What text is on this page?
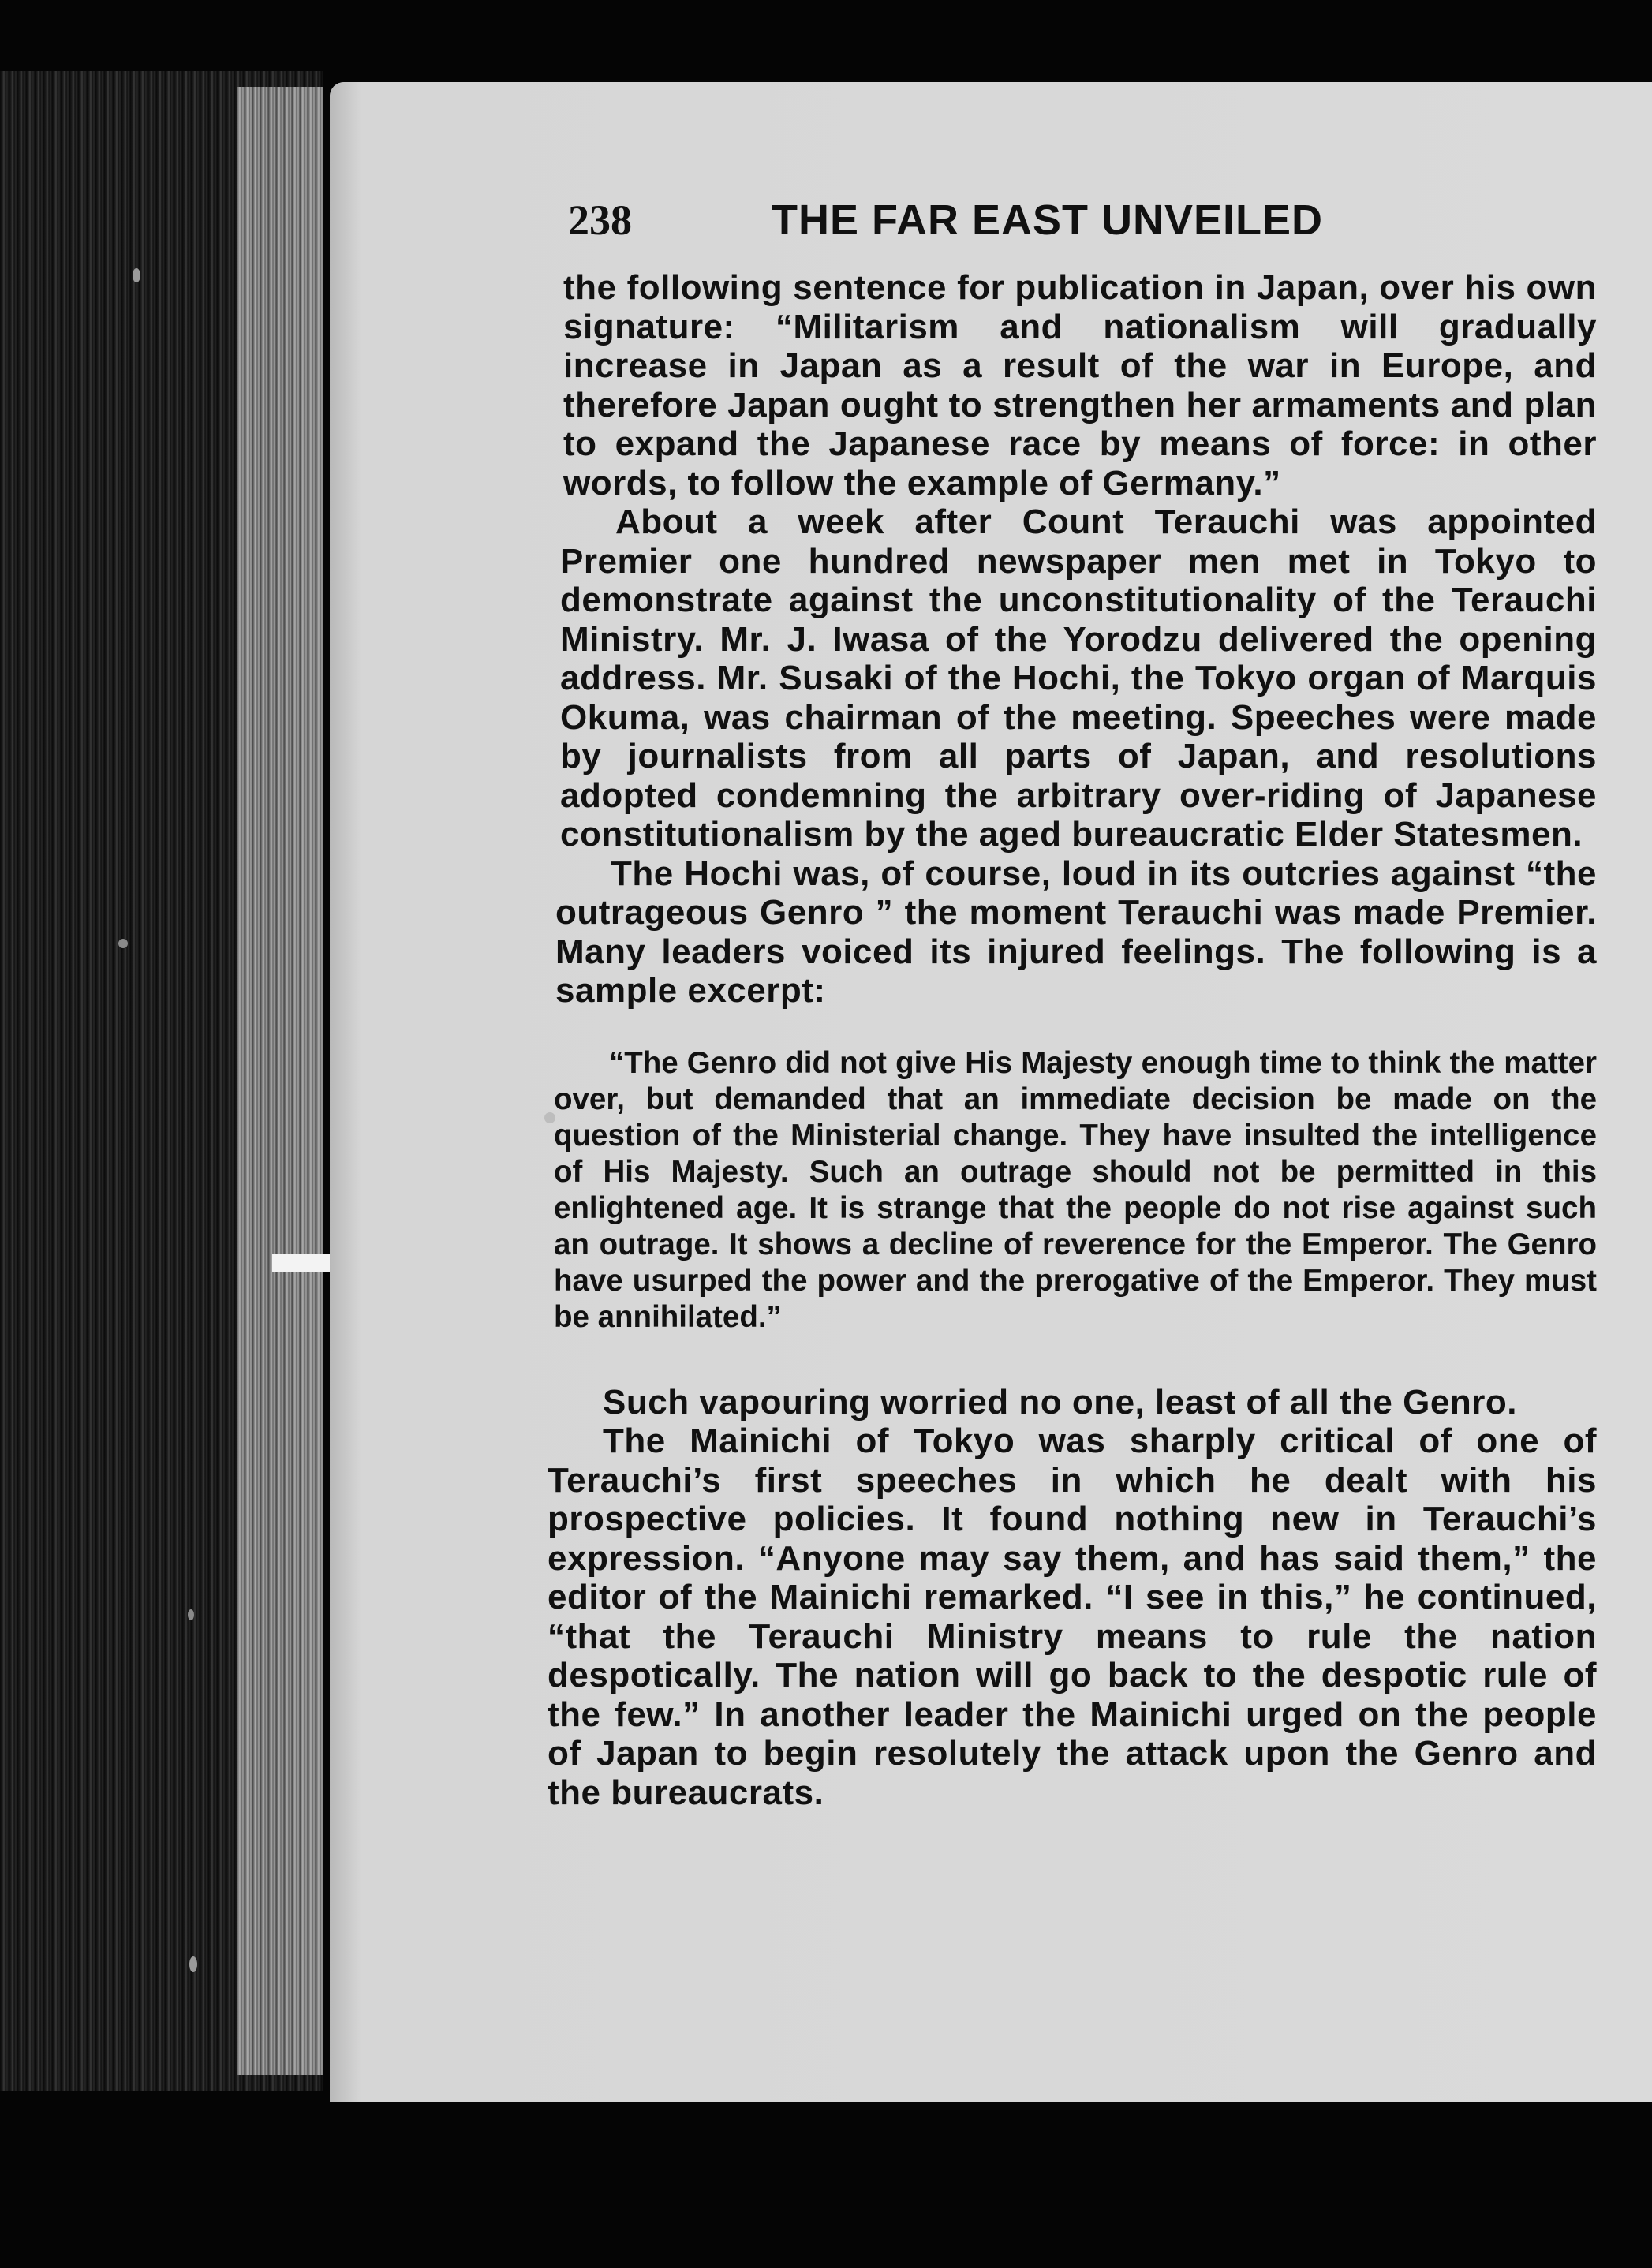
238	THE FAR EAST UNVEILED

the following sentence for publication in Japan, over his own signature: “Militarism and nationalism will gradually increase in Japan as a result of the war in Europe, and therefore Japan ought to strengthen her armaments and plan to expand the Japanese race by means of force: in other words, to follow the example of Germany.”

About a week after Count Terauchi was appointed Premier one hundred newspaper men met in Tokyo to demonstrate against the unconstitutionality of the Terauchi Ministry. Mr. J. Iwasa of the Yorodzu delivered the opening address. Mr. Susaki of the Hochi, the Tokyo organ of Marquis Okuma, was chairman of the meeting. Speeches were made by journalists from all parts of Japan, and resolutions adopted condemning the arbitrary over-riding of Japanese constitutionalism by the aged bureaucratic Elder Statesmen.

The Hochi was, of course, loud in its outcries against “the outrageous Genro ” the moment Terauchi was made Premier. Many leaders voiced its injured feelings. The following is a sample excerpt:

“The Genro did not give His Majesty enough time to think the matter over, but demanded that an immediate decision be made on the question of the Ministerial change. They have insulted the intelligence of His Majesty. Such an outrage should not be permitted in this enlightened age. It is strange that the people do not rise against such an outrage. It shows a decline of reverence for the Emperor. The Genro have usurped the power and the prerogative of the Emperor. They must be annihilated.”

Such vapouring worried no one, least of all the Genro.

The Mainichi of Tokyo was sharply critical of one of Terauchi’s first speeches in which he dealt with his prospective policies. It found nothing new in Terauchi’s expression. “Anyone may say them, and has said them,” the editor of the Mainichi remarked. “I see in this,” he continued, “that the Terauchi Ministry means to rule the nation despotically. The nation will go back to the despotic rule of the few.” In another leader the Mainichi urged on the people of Japan to begin resolutely the attack upon the Genro and the bureaucrats.
